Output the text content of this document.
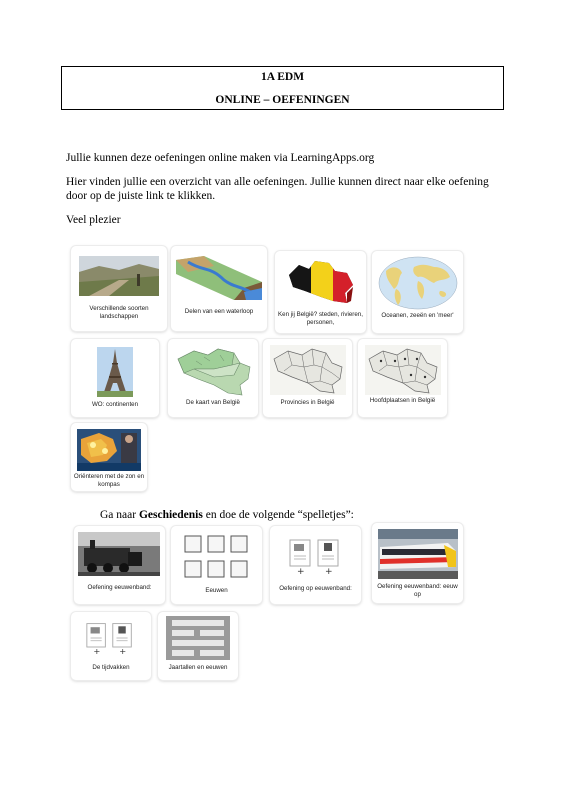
1A EDM
ONLINE – OEFENINGEN
Jullie kunnen deze oefeningen online maken via LearningApps.org
Hier vinden jullie een overzicht van alle oefeningen. Jullie kunnen direct naar elke oefening
door op de juiste link te klikken.
Veel plezier
Verschillende soorten landschappen
Delen van een waterloop	Ken jij België? steden, rivieren, personen,
Oceanen, zeeën en 'meer'
WO: continenten	De kaart van België	Provincies in België	Hoofdplaatsen in België
Oriënteren met de zon en kompas
Ga naar Geschiedenis en doe de volgende “spelletjes”:
Oefening eeuwenband:	Eeuwen
+ +
Oefening op eeuwenband:	Oefening eeuwenband: eeuw op
+ +
De tijdvakken	Jaartallen en eeuwen
